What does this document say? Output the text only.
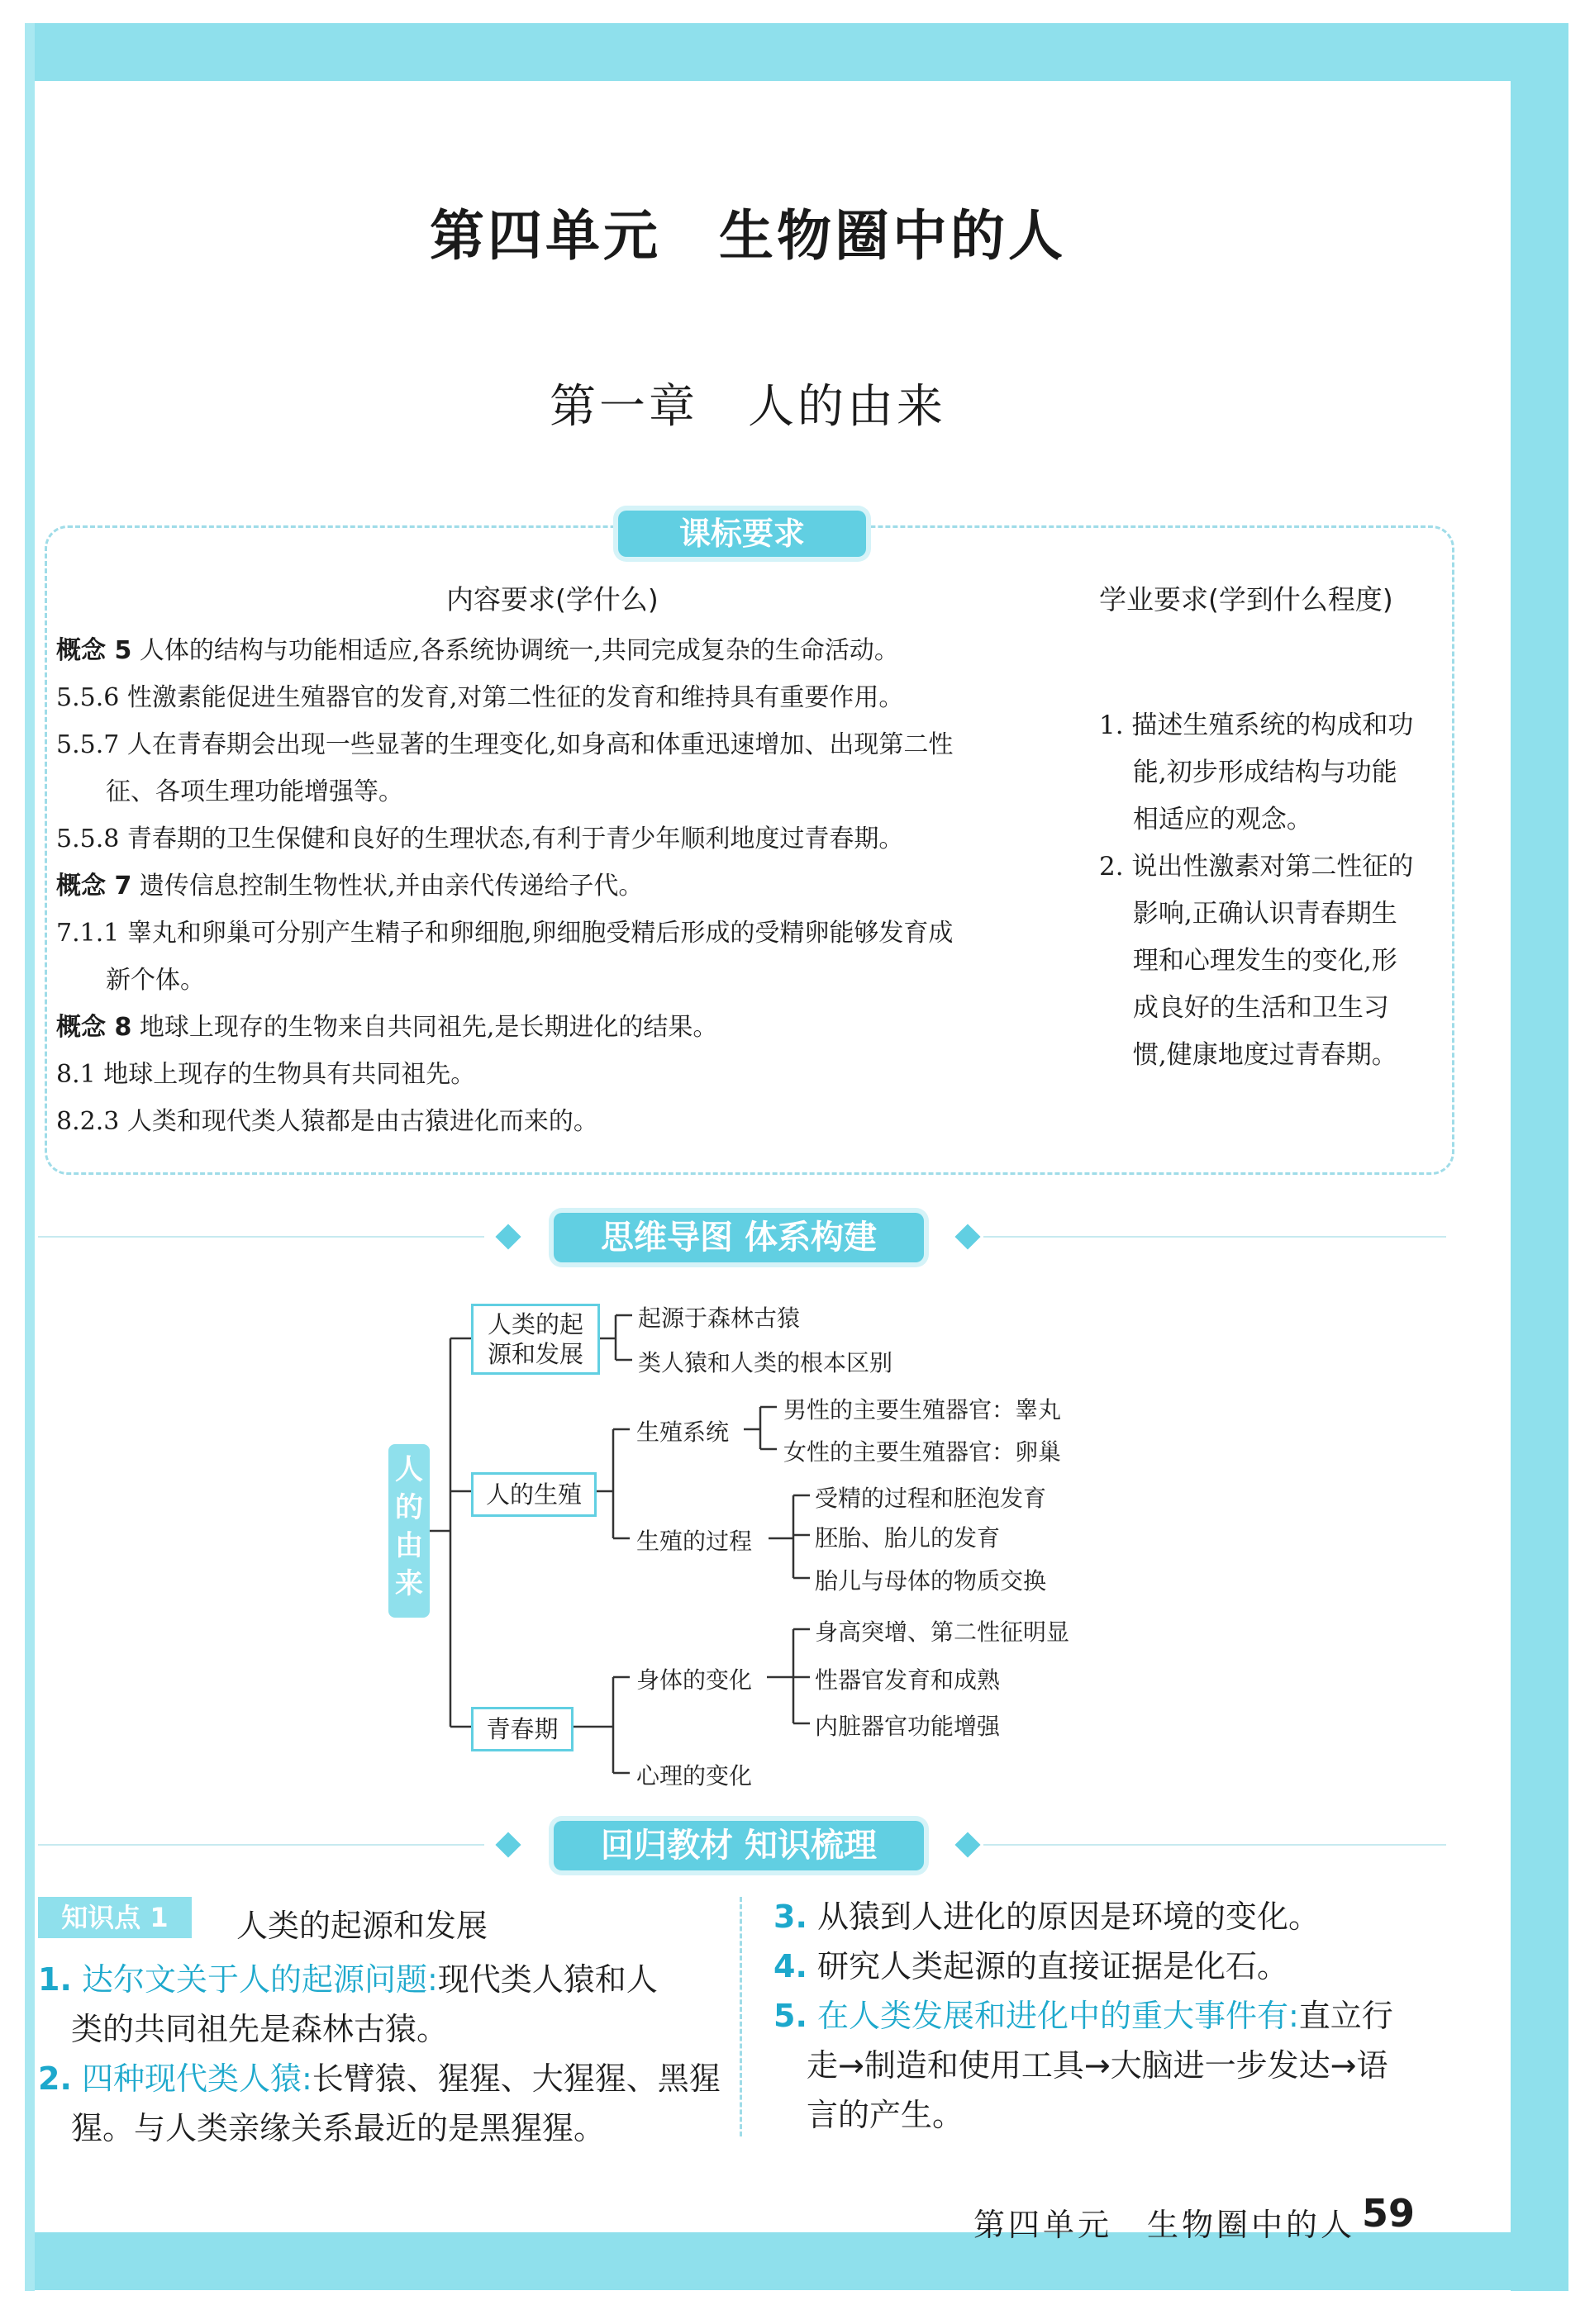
第四单元　生物圈中的人
第一章　人的由来
课标要求
内容要求(学什么)	学业要求(学到什么程度)
概念 5 人体的结构与功能相适应,各系统协调统一,共同完成复杂的生命活动。
5.5.6 性激素能促进生殖器官的发育,对第二性征的发育和维持具有重要作用。
5.5.7 人在青春期会出现一些显著的生理变化,如身高和体重迅速增加、出现第二性
　　征、各项生理功能增强等。
5.5.8 青春期的卫生保健和良好的生理状态,有利于青少年顺利地度过青春期。
概念 7 遗传信息控制生物性状,并由亲代传递给子代。
7.1.1 睾丸和卵巢可分别产生精子和卵细胞,卵细胞受精后形成的受精卵能够发育成
　　新个体。
概念 8 地球上现存的生物来自共同祖先,是长期进化的结果。
8.1 地球上现存的生物具有共同祖先。
8.2.3 人类和现代类人猿都是由古猿进化而来的。
1. 描述生殖系统的构成和功
　 能,初步形成结构与功能
　 相适应的观念。
2. 说出性激素对第二性征的
　 影响,正确认识青春期生
　 理和心理发生的变化,形
　 成良好的生活和卫生习
　 惯,健康地度过青春期。
思维导图 体系构建
人的由来
人类的起源和发展
人的生殖
青春期
起源于森林古猿
类人猿和人类的根本区别
生殖系统
男性的主要生殖器官：睾丸
女性的主要生殖器官：卵巢
生殖的过程
受精的过程和胚泡发育
胚胎、胎儿的发育
胎儿与母体的物质交换
身体的变化
身高突增、第二性征明显
性器官发育和成熟
内脏器官功能增强
心理的变化
回归教材 知识梳理
知识点 1	人类的起源和发展
1. 达尔文关于人的起源问题:现代类人猿和人
类的共同祖先是森林古猿。
2. 四种现代类人猿:长臂猿、猩猩、大猩猩、黑猩
猩。与人类亲缘关系最近的是黑猩猩。
3. 从猿到人进化的原因是环境的变化。
4. 研究人类起源的直接证据是化石。
5. 在人类发展和进化中的重大事件有:直立行
走→制造和使用工具→大脑进一步发达→语
言的产生。
第四单元　生物圈中的人 59
